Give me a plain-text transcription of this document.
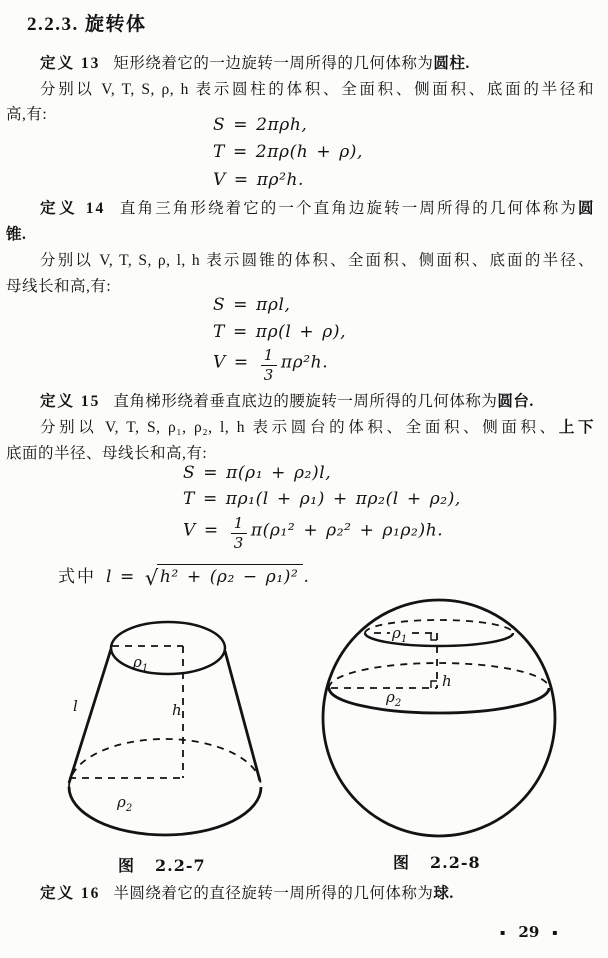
2.2.3. 旋转体
定义 13 矩形绕着它的一边旋转一周所得的几何体称为圆柱.
分别以 V, T, S, ρ, h 表示圆柱的体积、全面积、侧面积、底面的半径和
高,有:
S = 2πρh,
T = 2πρ(h + ρ),
V = πρ²h.
定义 14 直角三角形绕着它的一个直角边旋转一周所得的几何体称为圆
锥.
分别以 V, T, S, ρ, l, h 表示圆锥的体积、全面积、侧面积、底面的半径、
母线长和高,有:
S = πρl,
T = πρ(l + ρ),
$V = \frac{1}{3} \pi\rho^2h$.
定义 15 直角梯形绕着垂直底边的腰旋转一周所得的几何体称为圆台.
分别以 V, T, S, ρ₁, ρ₂, l, h 表示圆台的体积、全面积、侧面积、上下
底面的半径、母线长和高,有:
S = π(ρ₁ + ρ₂)l,
T = πρ₁(l + ρ₁) + πρ₂(l + ρ₂),
$V = \frac{1}{3} \pi(\rho_1^2 + \rho_2^2 + \rho_1\rho_2)h$.
式中 l = √h² + (ρ₂ − ρ₁)² .
$\rho_1$
l	h
$\rho_2$
$\rho_1$
h
$\rho_2$
图 2.2-7	图 2.2-8
定义 16 半圆绕着它的直径旋转一周所得的几何体称为球.
▪ 29 ▪
